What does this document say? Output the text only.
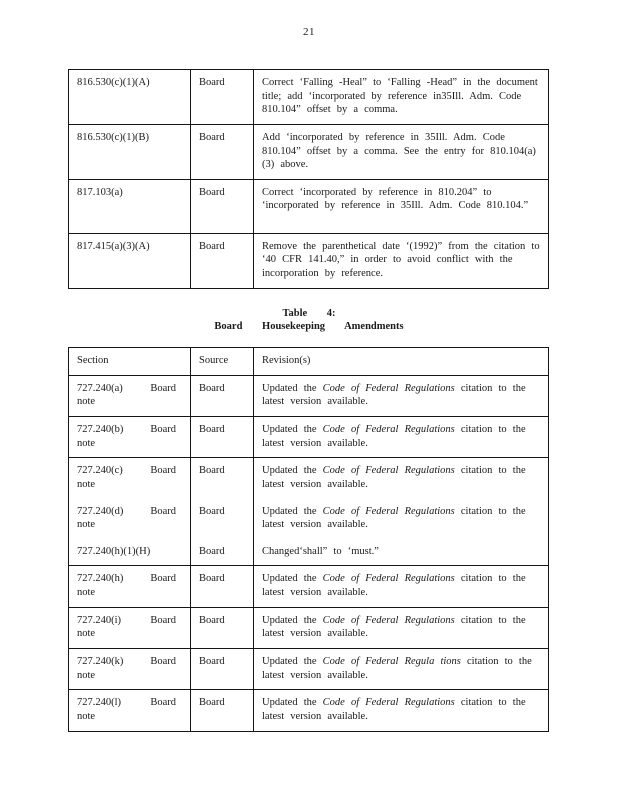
21
816.530(c)(1)(A)	Board	Correct ‘Falling -Heal” to ‘Falling -Head” in the document title; add ‘incorporated by reference in35Ill. Adm. Code 810.104” offset by a comma.
816.530(c)(1)(B)	Board	Add ‘incorporated by reference in 35Ill. Adm. Code 810.104” offset by a comma. See the entry for 810.104(a)(3) above.
817.103(a)	Board	Correct ‘incorporated by reference in 810.204” to ‘incorporated by reference in 35Ill. Adm. Code 810.104.”
817.415(a)(3)(A)	Board	Remove the parenthetical date ‘(1992)” from the citation to ‘40 CFR 141.40,” in order to avoid conflict with the incorporation by reference.
Table 4:
Board Housekeeping Amendments
Section	Source	Revision(s)

727.240(a) Board
note	Board	Updated the Code of Federal Regulations citation to the latest version available.

727.240(b) Board
note	Board	Updated the Code of Federal Regulations citation to the latest version available.

727.240(c) Board
note	Board	Updated the Code of Federal Regulations citation to the latest version available.

727.240(d) Board
note	Board	Updated the Code of Federal Regulations citation to the latest version available.

727.240(h)(1)(H)	Board	Changed‘shall” to ‘must.”

727.240(h) Board
note	Board	Updated the Code of Federal Regulations citation to the latest version available.

727.240(i) Board
note	Board	Updated the Code of Federal Regulations citation to the latest version available.

727.240(k) Board
note	Board	Updated the Code of Federal Regula tions citation to the latest version available.

727.240(l) Board
note	Board	Updated the Code of Federal Regulations citation to the latest version available.
